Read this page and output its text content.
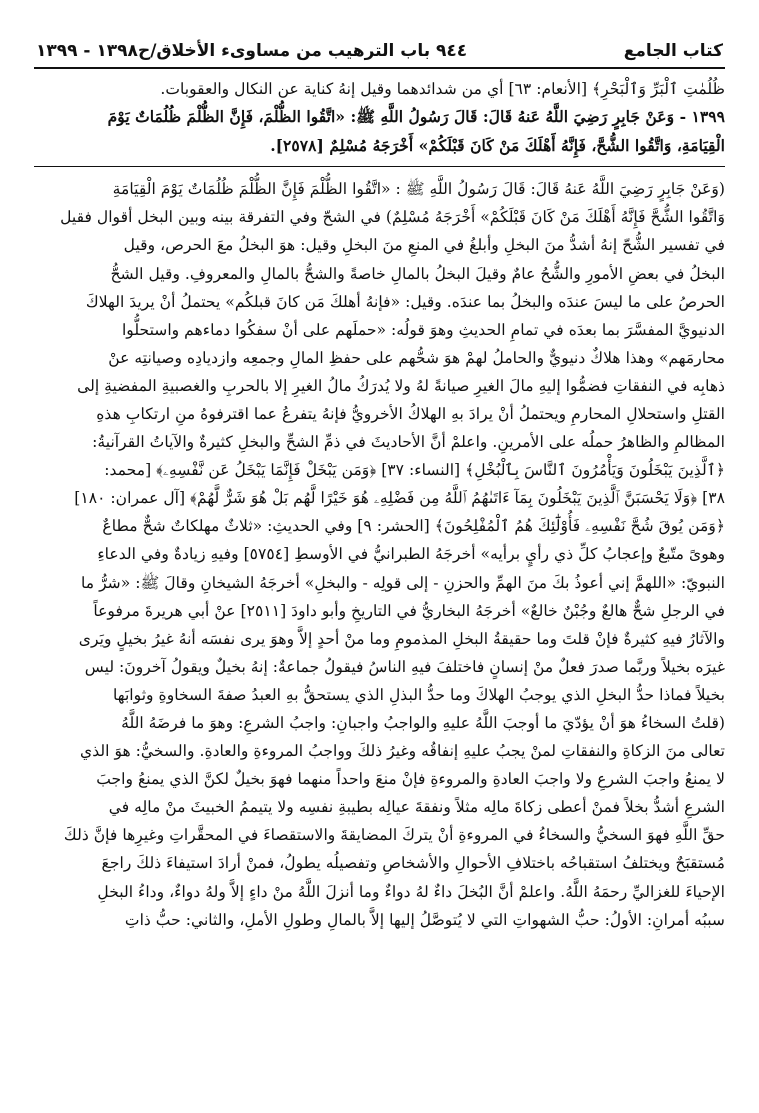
كتاب الجامع
٩٤٤ باب الترهيب من مساوىء الأخلاق/ح١٣٩٨ - ١٣٩٩

ظُلُمٰتِ ٱلْبَرِّ وَٱلْبَحْرِ﴾ [الأنعام: ٦٣] أي من شدائدهما وقيل إنهُ كناية عن النكال والعقوبات.

١٣٩٩ - وَعَنْ جَابِرٍ رَضِيَ اللَّهُ عَنهُ قَالَ: قَالَ رَسُولُ اللَّهِ ﷺ: «اتَّقُوا الظُّلْمَ، فَإِنَّ الظُّلْمَ ظُلُمَاتٌ يَوْمَ

الْقِيَامَةِ، وَاتَّقُوا الشُّحَّ، فَإِنَّهُ أَهْلَكَ مَنْ كَانَ قَبْلَكُمْ» أَخْرَجَهُ مُسْلِمٌ [٢٥٧٨].

(وَعَنْ جَابِرٍ رَضِيَ اللَّهُ عَنهُ قَالَ: قَالَ رَسُولُ اللَّهِ ﷺ : «اتَّقُوا الظُّلْمَ فَإِنَّ الظُّلْمَ ظُلُمَاتٌ يَوْمَ الْقِيَامَةِ

وَاتَّقُوا الشُّحَّ فَإِنَّهُ أَهْلَكَ مَنْ كَانَ قَبْلَكُمْ» أَخْرَجَهُ مُسْلِمٌ) في الشحّ وفي التفرقة بينه وبين البخل أقوال فقيل

في تفسير الشُّحّ إنهُ أشدُّ منَ البخلِ وأبلغُ في المنعِ منَ البخلِ وقيل: هوَ البخلُ معَ الحرص، وقيل

البخلُ في بعضِ الأمورِ والشُّحُ عامٌ وقيلَ البخلُ بالمالِ خاصةً والشحُّ بالمالِ والمعروفِ. وقيل الشحُّ

الحرصُ على ما ليسَ عندَه والبخلُ بما عندَه. وقيل: «فإنهُ أهلكَ مَن كانَ قبلكُم» يحتملُ أنْ يريدَ الهلاكَ

الدنيويَّ المفسَّرَ بما بعدَه في تمامِ الحديثِ وهوَ قولُه: «حملَهم على أنْ سفكُوا دماءهم واستحلُّوا

محارمَهم» وهذا هلاكٌ دنيويٌّ والحاملُ لهمْ هوَ شحُّهم على حفظِ المالِ وجمعِه وازديادِه وصيانتِه عنْ

ذهابِه في النفقاتِ فضمُّوا إليهِ مالَ الغيرِ صيانةً لهُ ولا يُدرَكُ مالُ الغيرِ إلا بالحربِ والغصبيةِ المفضيةِ إلى

القتلِ واستحلالِ المحارمِ ويحتملُ أنْ يرادَ بهِ الهلاكُ الأخرويُّ فإنهُ يتفرعُ عما اقترفوهُ منِ ارتكابِ هذهِ

المظالمِ والظاهرُ حملُه على الأمرينِ. واعلمْ أنَّ الأحاديثَ في ذمِّ الشحِّ والبخلِ كثيرةٌ والآياتُ القرآنيةُ:

﴿ٱلَّذِينَ يَبْخَلُونَ وَيَأْمُرُونَ ٱلنَّاسَ بِٱلْبُخْلِ﴾ [النساء: ٣٧] ﴿وَمَن يَبْخَلْ فَإِنَّمَا يَبْخَلُ عَن نَّفْسِهِۦ﴾ [محمد:

٣٨] ﴿وَلَا يَحْسَبَنَّ ٱلَّذِينَ يَبْخَلُونَ بِمَآ ءَاتَىٰهُمُ ٱللَّهُ مِن فَضْلِهِۦ هُوَ خَيْرًا لَّهُم بَلْ هُوَ شَرٌّ لَّهُمْ﴾ [آل عمران: ١٨٠]

﴿وَمَن يُوقَ شُحَّ نَفْسِهِۦ فَأُوْلَٰٓئِكَ هُمُ ٱلْمُفْلِحُونَ﴾ [الحشر: ٩] وفي الحديثِ: «ثلاثٌ مهلكاتٌ شحٌّ مطاعٌ

وهوىً متّبعٌ وإعجابُ كلِّ ذي رأيٍ برأيه» أخرجَهُ الطبرانيُّ في الأوسطِ [٥٧٥٤] وفيهِ زيادةٌ وفي الدعاءِ

النبويّ: «اللهمَّ إني أعوذُ بكَ منَ الهمِّ والحزنِ - إلى قولِه - والبخلِ» أخرجَهُ الشيخانِ وقالَ ﷺ: «شرُّ ما

في الرجلِ شحٌّ هالعٌ وجُبْنٌ خالعٌ» أخرجَهُ البخاريُّ في التاريخِ وأبو داودَ [٢٥١١] عنْ أبي هريرةَ مرفوعاً

والآثارُ فيهِ كثيرةٌ فإنْ قلتَ وما حقيقةُ البخلِ المذمومِ وما منْ أحدٍ إلاَّ وهوَ يرى نفسَه أنهُ غيرُ بخيلٍ ويَرى

غيرَه بخيلاً وربَّما صدرَ فعلٌ منْ إنسانٍ فاختلفَ فيهِ الناسُ فيقولُ جماعةٌ: إنهُ بخيلٌ ويقولُ آخرونَ: ليس

بخيلاً فماذا حدُّ البخلِ الذي يوجبُ الهلاكَ وما حدُّ البذلِ الذي يستحقُّ بهِ العبدُ صفةَ السخاوةِ وثوابَها

(قلتُ السخاءُ هوَ أنْ يؤدّيَ ما أوجبَ اللَّهُ عليهِ والواجبُ واجبانِ: واجبُ الشرعِ: وهوَ ما فرضَهُ اللَّهُ

تعالى منَ الزكاةِ والنفقاتِ لمنْ يجبُ عليهِ إنفاقُه وغيرُ ذلكَ وواجبُ المروءةِ والعادةِ. والسخيُّ: هوَ الذي

لا يمنعُ واجبَ الشرعِ ولا واجبَ العادةِ والمروءةِ فإنْ منعَ واحداً منهما فهوَ بخيلٌ لكنَّ الذي يمنعُ واجبَ

الشرعِ أشدُّ بخلاً فمنْ أعطى زكاةَ مالِه مثلاً ونفقةَ عيالِه بطيبةِ نفسِه ولا يتيممُ الخبيثَ منْ مالِه في

حقِّ اللَّهِ فهوَ السخيُّ والسخاءُ في المروءةِ أنْ يتركَ المضايقةَ والاستقصاءَ في المحقَّراتِ وغيرِها فإنَّ ذلكَ

مُستقبَحٌ ويختلفُ استقباحُه باختلافِ الأحوالِ والأشخاصِ وتفصيلُه يطولُ، فمنْ أرادَ استيفاءَ ذلكَ راجعَ

الإحياءَ للغزاليِّ رحمَهُ اللَّهُ. واعلمْ أنَّ البُخلَ داءٌ لهُ دواءٌ وما أنزلَ اللَّهُ منْ داءٍ إلاَّ ولهُ دواءٌ، وداءُ البخلِ

سببُه أمرانِ: الأولُ: حبُّ الشهواتِ التي لا يُتوصَّلُ إليها إلاَّ بالمالِ وطولِ الأملِ، والثاني: حبُّ ذاتِ
